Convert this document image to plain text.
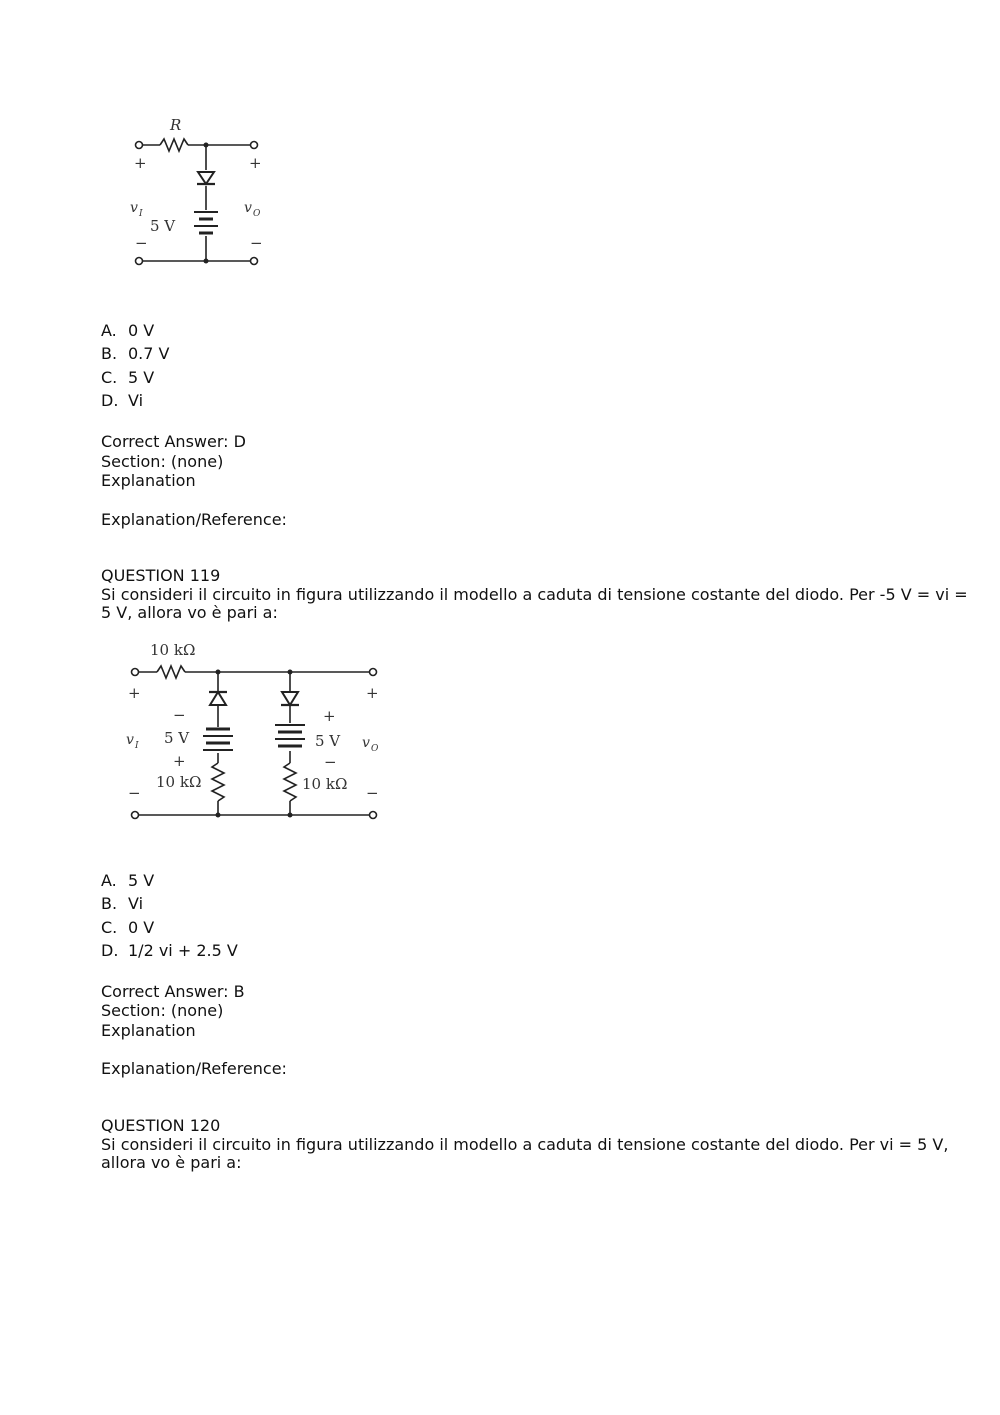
R
+	+
−	−
v I	v O
5 V
A. 0 V
B. 0.7 V
C. 5 V
D. Vi
Correct Answer: D
Section: (none)
Explanation
Explanation/Reference:
QUESTION 119
Si consideri il circuito in figura utilizzando il modello a caduta di tensione costante del diodo. Per -5 V = vi =
5 V, allora vo è pari a:
10 kΩ
+	+
−	−
v I	v O
−
5 V
+
10 kΩ
+
5 V
−
10 kΩ
A. 5 V
B. Vi
C. 0 V
D. 1/2 vi + 2.5 V
Correct Answer: B
Section: (none)
Explanation
Explanation/Reference:
QUESTION 120
Si consideri il circuito in figura utilizzando il modello a caduta di tensione costante del diodo. Per vi = 5 V,
allora vo è pari a:
